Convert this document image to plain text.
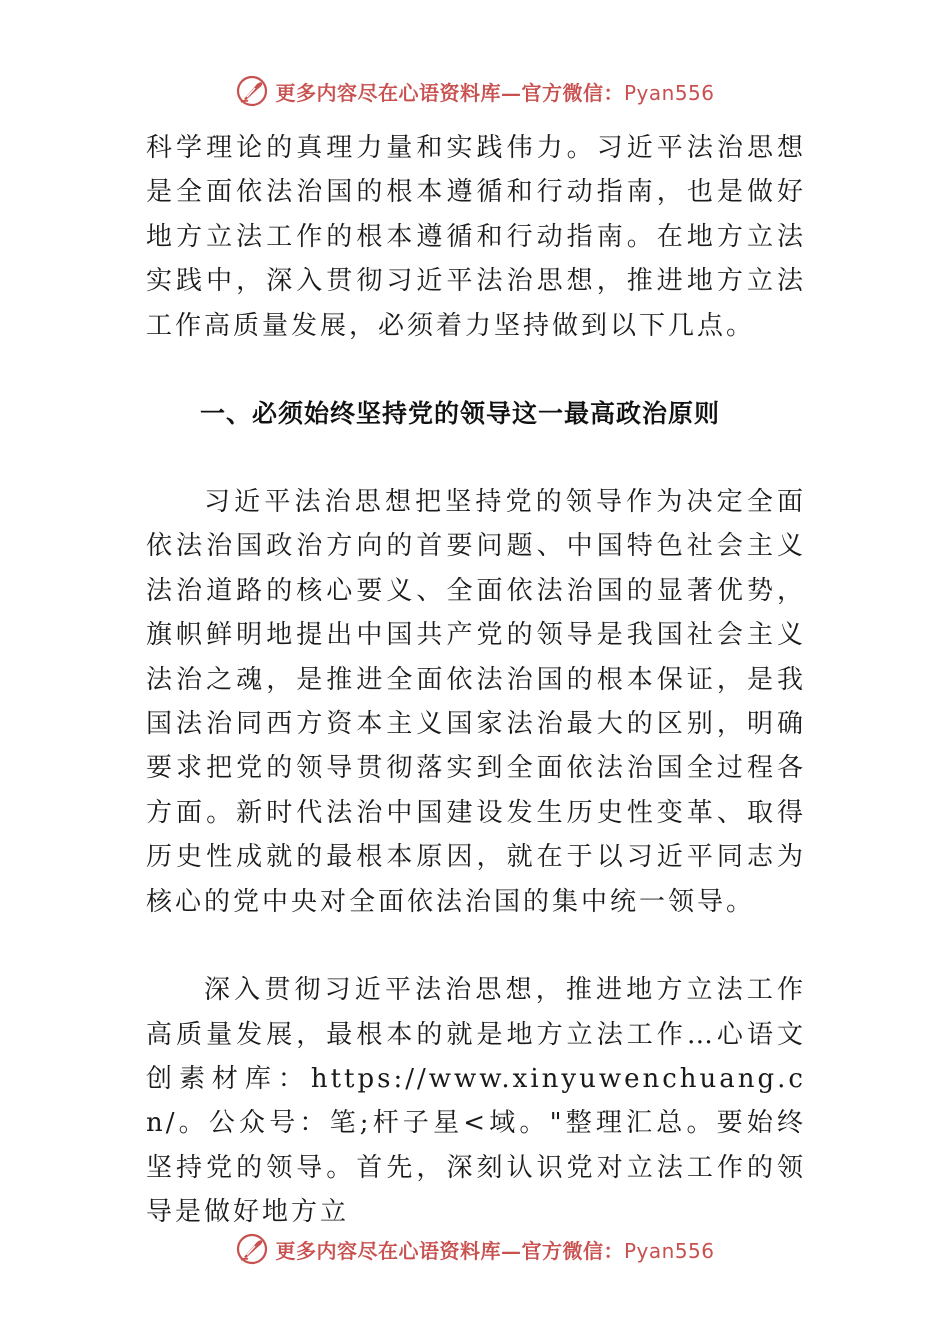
更多内容尽在心语资料库—官方微信：Pyan556

科学理论的真理力量和实践伟力。习近平法治思想是全面依法治国的根本遵循和行动指南，也是做好地方立法工作的根本遵循和行动指南。在地方立法实践中，深入贯彻习近平法治思想，推进地方立法工作高质量发展，必须着力坚持做到以下几点。

一、必须始终坚持党的领导这一最高政治原则

习近平法治思想把坚持党的领导作为决定全面依法治国政治方向的首要问题、中国特色社会主义法治道路的核心要义、全面依法治国的显著优势，旗帜鲜明地提出中国共产党的领导是我国社会主义法治之魂，是推进全面依法治国的根本保证，是我国法治同西方资本主义国家法治最大的区别，明确要求把党的领导贯彻落实到全面依法治国全过程各方面。新时代法治中国建设发生历史性变革、取得历史性成就的最根本原因，就在于以习近平同志为核心的党中央对全面依法治国的集中统一领导。

深入贯彻习近平法治思想，推进地方立法工作高质量发展，最根本的就是地方立法工作…心语文创素材库：https://www.xinyuwenchuang.cn/。公众号：笔;杆子星<域。"整理汇总。要始终坚持党的领导。首先，深刻认识党对立法工作的领导是做好地方立

更多内容尽在心语资料库—官方微信：Pyan556
